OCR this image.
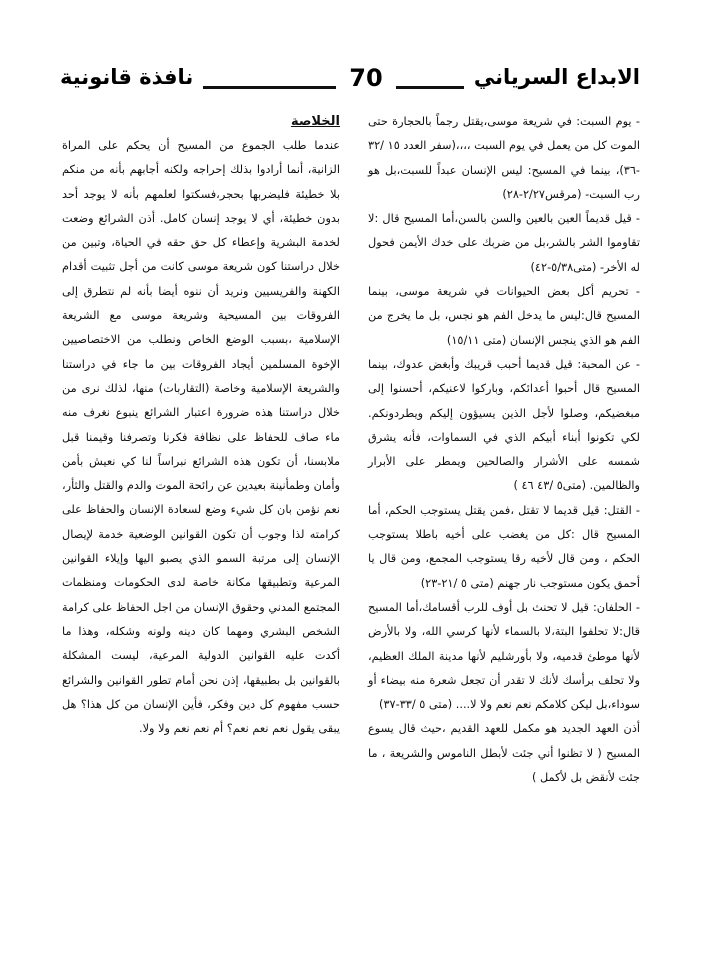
نافذة قانونية	70	الابداع السرياني

- يوم السبت: في شريعة موسى،يقتل رجماً بالحجارة حتى الموت كل من يعمل في يوم السبت ،،،،(سفر العدد ١٥ /٣٢ -٣٦)، بينما في المسيح: ليس الإنسان عبداً للسبت،بل هو رب السبت- (مرقس٢/٢٧-٢٨)

- قيل قديماً العين بالعين والسن بالسن،أما المسيح قال :لا تقاوموا الشر بالشر،بل من ضربك على خدك الأيمن فحول له الأخر- (متى٥/٣٨-٤٢)

- تحريم أكل بعض الحيوانات في شريعة موسى، بينما المسيح قال:ليس ما يدخل الفم هو نجس، بل ما يخرج من الفم هو الذي ينجس الإنسان (متى ١٥/١١)

- عن المحبة: قيل قديما أحبب قريبك وأبغض عدوك، بينما المسيح قال أحبوا أعدائكم، وباركوا لاعنيكم، أحسنوا إلى مبغضيكم، وصلوا لأجل الذين يسيؤون إليكم ويطردونكم. لكي تكونوا أبناء أبيكم الذي في السماوات، فأنه يشرق شمسه على الأشرار والصالحين ويمطر على الأبرار والظالمين. (متى٥ /٤٣ ٤٦ )

- القتل: قيل قديما لا تقتل ،فمن يقتل يستوجب الحكم، أما المسيح قال :كل من يغضب على أخيه باطلا يستوجب الحكم ، ومن قال لأخيه رقا يستوجب المجمع، ومن قال يا أحمق يكون مستوجب نار جهنم (متى ٥ /٢١-٢٣)

- الحلفان: قيل لا تحنث بل أوف للرب أقسامك،أما المسيح قال:لا تحلفوا البتة،لا بالسماء لأنها كرسي الله، ولا بالأرض لأنها موطئ قدميه، ولا بأورشليم لأنها مدينة الملك العظيم، ولا تحلف برأسك لأنك لا تقدر أن تجعل شعرة منه بيضاء أو سوداء،بل ليكن كلامكم نعم نعم ولا لا.... (متى ٥ /٣٣-٣٧)

أذن العهد الجديد هو مكمل للعهد القديم ،حيث قال يسوع المسيح ( لا تظنوا أني جئت لأبطل الناموس والشريعة ، ما جئت لأنقض بل لأكمل )

الخلاصة

عندما طلب الجموع من المسيح أن يحكم على المراة الزانية، أنما أرادوا بذلك إحراجه ولكنه أجابهم بأنه من منكم بلا خطيئة فليضربها بحجر،فسكتوا لعلمهم بأنه لا يوجد أحد بدون خطيئة، أي لا يوجد إنسان كامل. أذن الشرائع وضعت لخدمة البشرية وإعطاء كل حق حقه في الحياة، وتبين من خلال دراستنا كون شريعة موسى كانت من أجل تثبيت أقدام الكهنة والفريسيين ونريد أن ننوه أيضا بأنه لم نتطرق إلى الفروقات بين المسيحية وشريعة موسى مع الشريعة الإسلامية ،بسبب الوضع الخاص ونطلب من الاختصاصيين الإخوة المسلمين أيجاد الفروقات بين ما جاء في دراستنا والشريعة الإسلامية وخاصة (التقاربات) منها، لذلك نرى من خلال دراستنا هذه ضرورة اعتبار الشرائع ينبوع نغرف منه ماء صاف للحفاظ على نظافة فكرنا وتصرفنا وقيمنا قبل ملابسنا، أن تكون هذه الشرائع نبراساً لنا كي نعيش بأمن وأمان وطمأنينة بعيدين عن رائحة الموت والدم والقتل والثأر، نعم نؤمن بان كل شيء وضع لسعادة الإنسان والحفاظ على كرامته لذا وجوب أن تكون القوانين الوضعية خدمة لإيصال الإنسان إلى مرتبة السمو الذي يصبو اليها وإيلاء القوانين المرعية وتطبيقها مكانة خاصة لدى الحكومات ومنظمات المجتمع المدني وحقوق الإنسان من اجل الحفاظ على كرامة الشخص البشري ومهما كان دينه ولونه وشكله، وهذا ما أكدت عليه القوانين الدولية المرعية، ليست المشكلة بالقوانين بل بطبيقها، إذن نحن أمام تطور القوانين والشرائع حسب مفهوم كل دين وفكر، فأين الإنسان من كل هذا؟ هل يبقى يقول نعم نعم نعم؟ أم نعم نعم ولا ولا.
